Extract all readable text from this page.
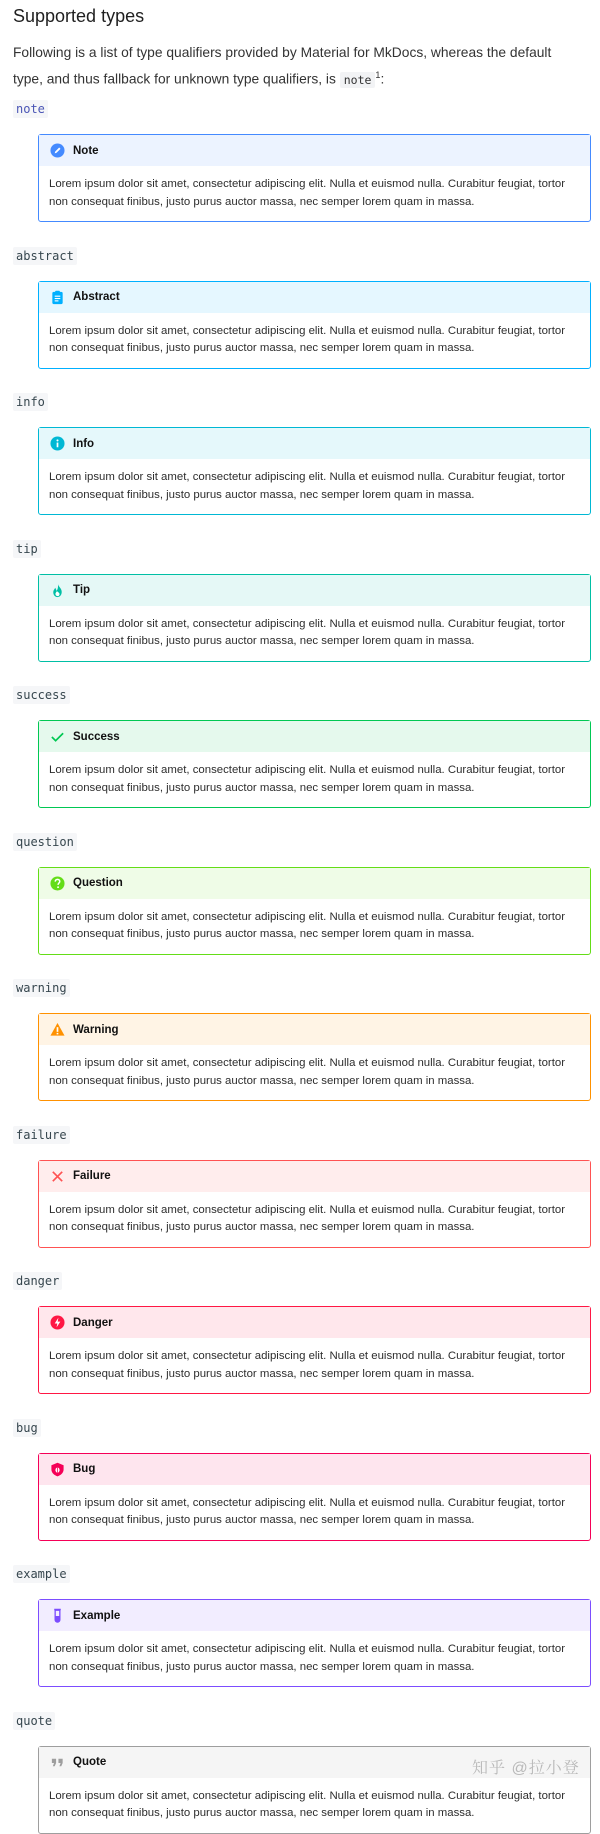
Supported types

Following is a list of type qualifiers provided by Material for MkDocs, whereas the default type, and thus fallback for unknown type qualifiers, is note $^1$:

note
Note
Lorem ipsum dolor sit amet, consectetur adipiscing elit. Nulla et euismod nulla. Curabitur feugiat, tortor non consequat finibus, justo purus auctor massa, nec semper lorem quam in massa.
abstract
Abstract
Lorem ipsum dolor sit amet, consectetur adipiscing elit. Nulla et euismod nulla. Curabitur feugiat, tortor non consequat finibus, justo purus auctor massa, nec semper lorem quam in massa.
info
Info
Lorem ipsum dolor sit amet, consectetur adipiscing elit. Nulla et euismod nulla. Curabitur feugiat, tortor non consequat finibus, justo purus auctor massa, nec semper lorem quam in massa.
tip
Tip
Lorem ipsum dolor sit amet, consectetur adipiscing elit. Nulla et euismod nulla. Curabitur feugiat, tortor non consequat finibus, justo purus auctor massa, nec semper lorem quam in massa.
success
Success
Lorem ipsum dolor sit amet, consectetur adipiscing elit. Nulla et euismod nulla. Curabitur feugiat, tortor non consequat finibus, justo purus auctor massa, nec semper lorem quam in massa.
question
Question
Lorem ipsum dolor sit amet, consectetur adipiscing elit. Nulla et euismod nulla. Curabitur feugiat, tortor non consequat finibus, justo purus auctor massa, nec semper lorem quam in massa.
warning
Warning
Lorem ipsum dolor sit amet, consectetur adipiscing elit. Nulla et euismod nulla. Curabitur feugiat, tortor non consequat finibus, justo purus auctor massa, nec semper lorem quam in massa.
failure
Failure
Lorem ipsum dolor sit amet, consectetur adipiscing elit. Nulla et euismod nulla. Curabitur feugiat, tortor non consequat finibus, justo purus auctor massa, nec semper lorem quam in massa.
danger
Danger
Lorem ipsum dolor sit amet, consectetur adipiscing elit. Nulla et euismod nulla. Curabitur feugiat, tortor non consequat finibus, justo purus auctor massa, nec semper lorem quam in massa.
bug
Bug
Lorem ipsum dolor sit amet, consectetur adipiscing elit. Nulla et euismod nulla. Curabitur feugiat, tortor non consequat finibus, justo purus auctor massa, nec semper lorem quam in massa.
example
Example
Lorem ipsum dolor sit amet, consectetur adipiscing elit. Nulla et euismod nulla. Curabitur feugiat, tortor non consequat finibus, justo purus auctor massa, nec semper lorem quam in massa.
quote
Quote
Lorem ipsum dolor sit amet, consectetur adipiscing elit. Nulla et euismod nulla. Curabitur feugiat, tortor non consequat finibus, justo purus auctor massa, nec semper lorem quam in massa.
知乎 @拉小登
